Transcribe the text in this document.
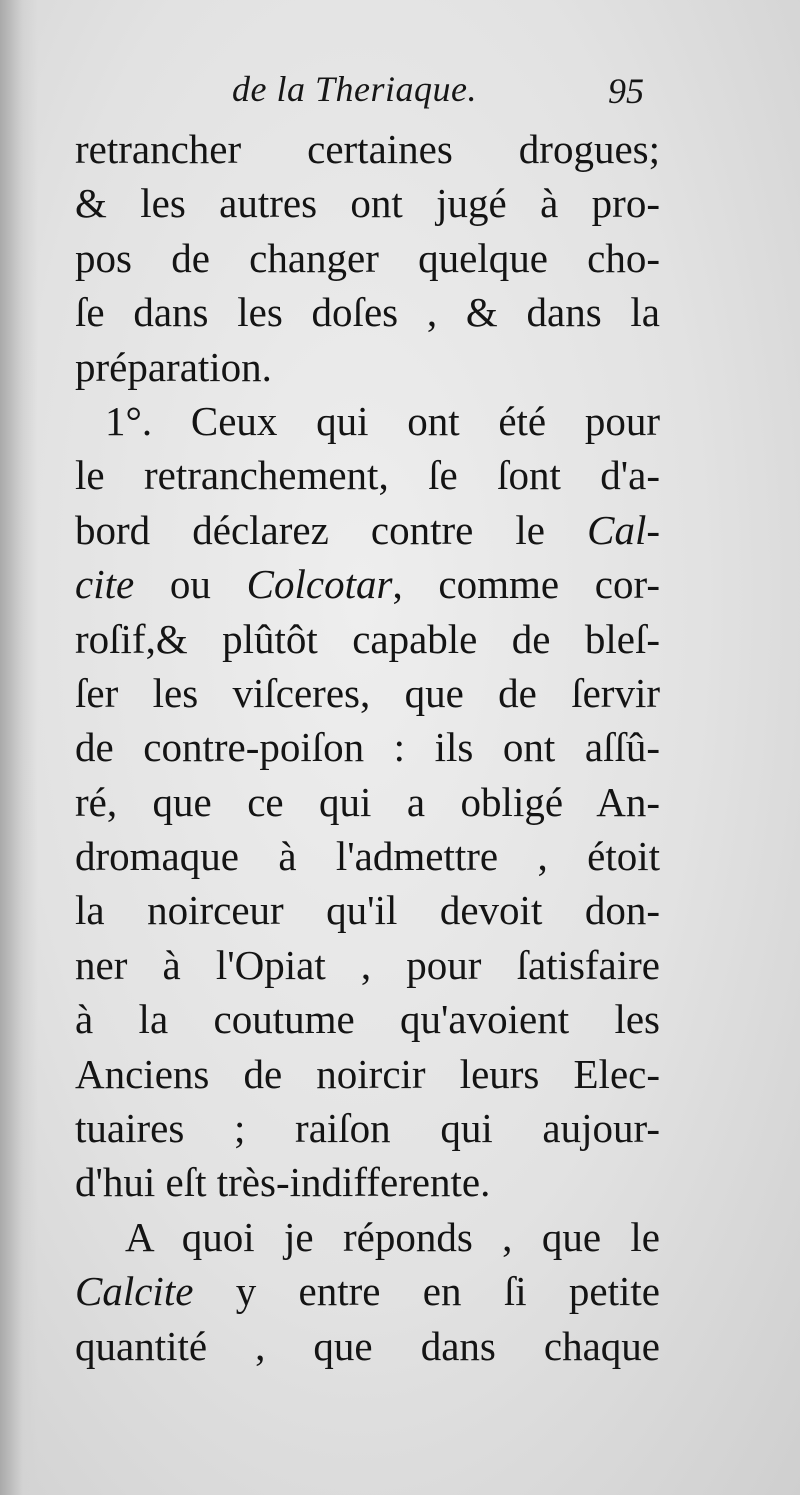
de la Theriaque.	95
retrancher certaines drogues;
& les autres ont jugé à pro-
pos de changer quelque cho-
ſe dans les doſes , & dans la
préparation.
1°. Ceux qui ont été pour
le retranchement, ſe ſont d'a-
bord déclarez contre le Cal-
cite ou Colcotar, comme cor-
roſif,& plûtôt capable de bleſ-
ſer les viſceres, que de ſervir
de contre-poiſon : ils ont aſſû-
ré, que ce qui a obligé An-
dromaque à l'admettre , étoit
la noirceur qu'il devoit don-
ner à l'Opiat , pour ſatisfaire
à la coutume qu'avoient les
Anciens de noircir leurs Elec-
tuaires ; raiſon qui aujour-
d'hui eſt très-indifferente.
A quoi je réponds , que le
Calcite y entre en ſi petite
quantité , que dans chaque
